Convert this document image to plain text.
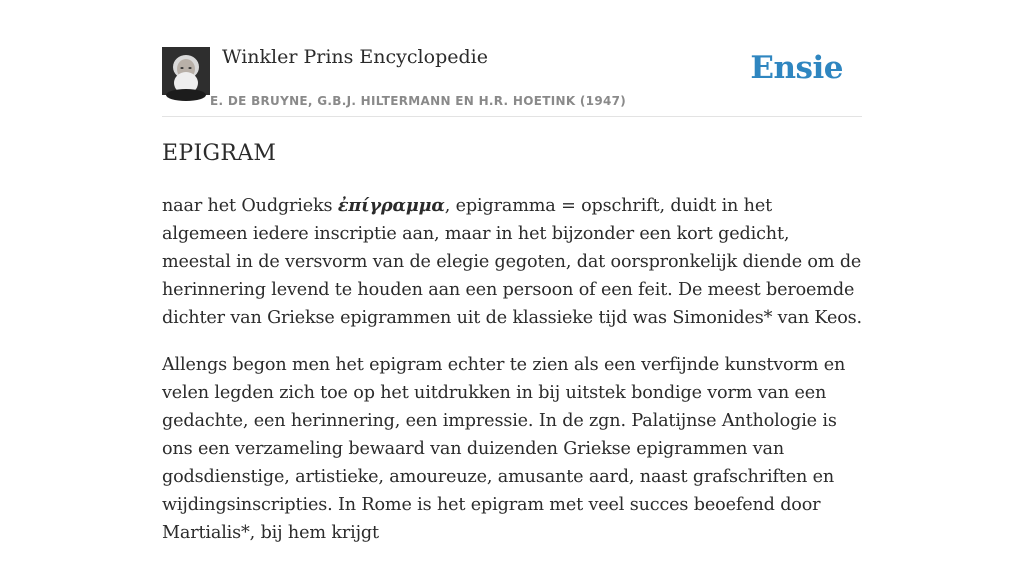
Winkler Prins Encyclopedie
E. DE BRUYNE, G.B.J. HILTERMANN EN H.R. HOETINK (1947)
Ensie
EPIGRAM

naar het Oudgrieks ἐπίγραμμα, epigramma = opschrift, duidt in het algemeen iedere inscriptie aan, maar in het bijzonder een kort gedicht, meestal in de versvorm van de elegie gegoten, dat oorspronkelijk diende om de herinnering levend te houden aan een persoon of een feit. De meest beroemde dichter van Griekse epigrammen uit de klassieke tijd was Simonides* van Keos.

Allengs begon men het epigram echter te zien als een verfijnde kunstvorm en velen legden zich toe op het uitdrukken in bij uitstek bondige vorm van een gedachte, een herinnering, een impressie. In de zgn. Palatijnse Anthologie is ons een verzameling bewaard van duizenden Griekse epigrammen van godsdienstige, artistieke, amoureuze, amusante aard, naast grafschriften en wijdingsinscripties. In Rome is het epigram met veel succes beoefend door Martialis*, bij hem krijgt
